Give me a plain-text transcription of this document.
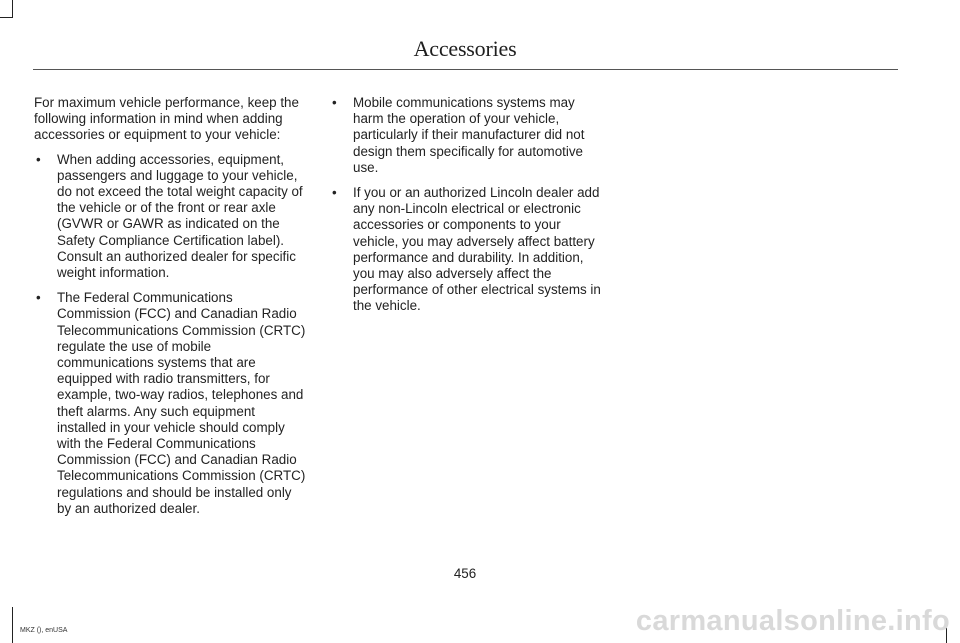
Accessories

For maximum vehicle performance, keep the following information in mind when adding accessories or equipment to your vehicle:

• When adding accessories, equipment, passengers and luggage to your vehicle, do not exceed the total weight capacity of the vehicle or of the front or rear axle (GVWR or GAWR as indicated on the Safety Compliance Certification label). Consult an authorized dealer for specific weight information.
• The Federal Communications Commission (FCC) and Canadian Radio Telecommunications Commission (CRTC) regulate the use of mobile communications systems that are equipped with radio transmitters, for example, two-way radios, telephones and theft alarms. Any such equipment installed in your vehicle should comply with the Federal Communications Commission (FCC) and Canadian Radio Telecommunications Commission (CRTC) regulations and should be installed only by an authorized dealer.
• Mobile communications systems may harm the operation of your vehicle, particularly if their manufacturer did not design them specifically for automotive use.
• If you or an authorized Lincoln dealer add any non-Lincoln electrical or electronic accessories or components to your vehicle, you may adversely affect battery performance and durability. In addition, you may also adversely affect the performance of other electrical systems in the vehicle.
456
MKZ (), enUSA	carmanualsonline.info
